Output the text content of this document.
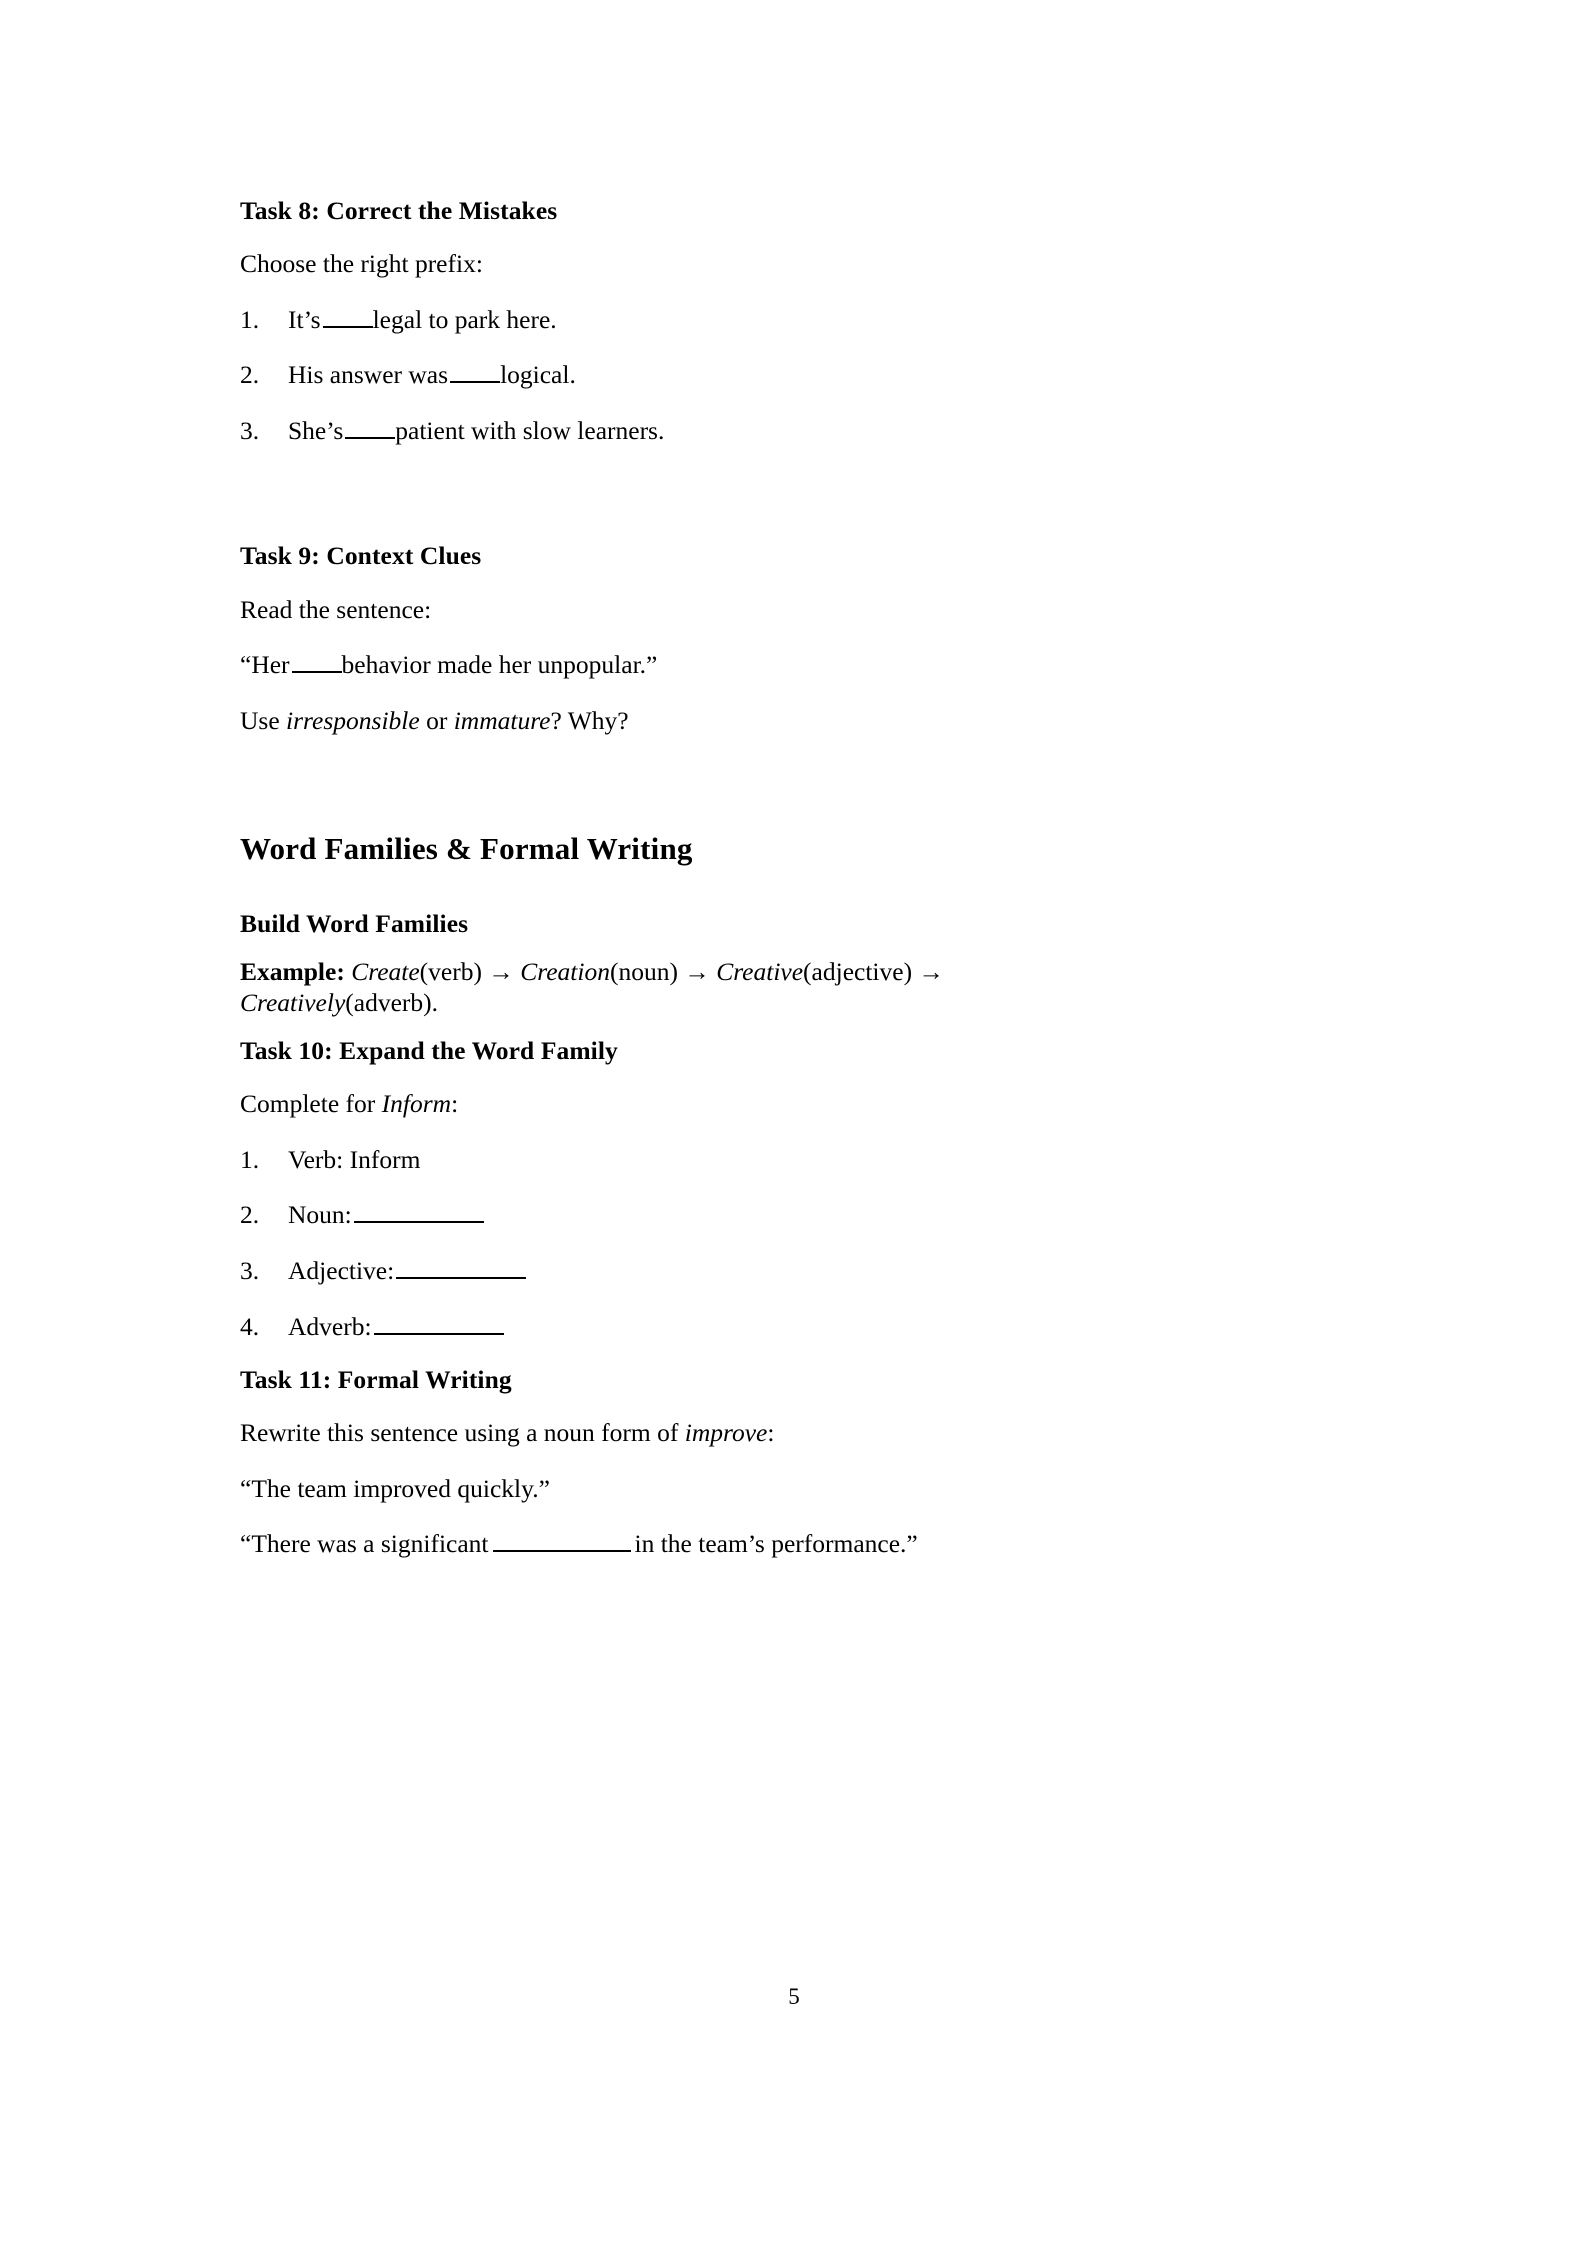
Task 8: Correct the Mistakes

Choose the right prefix:

1.	It’s legal to park here.
2.	His answer was logical.
3.	She’s patient with slow learners.
Task 9: Context Clues

Read the sentence:

“Her behavior made her unpopular.”

Use irresponsible or immature? Why?

Word Families & Formal Writing
Build Word Families

Example: Create(verb) → Creation(noun) → Creative(adjective) → Creatively(adverb).

Task 10: Expand the Word Family

Complete for Inform:

1.	Verb: Inform
2.	Noun:
3.	Adjective:
4.	Adverb:
Task 11: Formal Writing

Rewrite this sentence using a noun form of improve:

“The team improved quickly.”

“There was a significant	in the team’s performance.”

5
